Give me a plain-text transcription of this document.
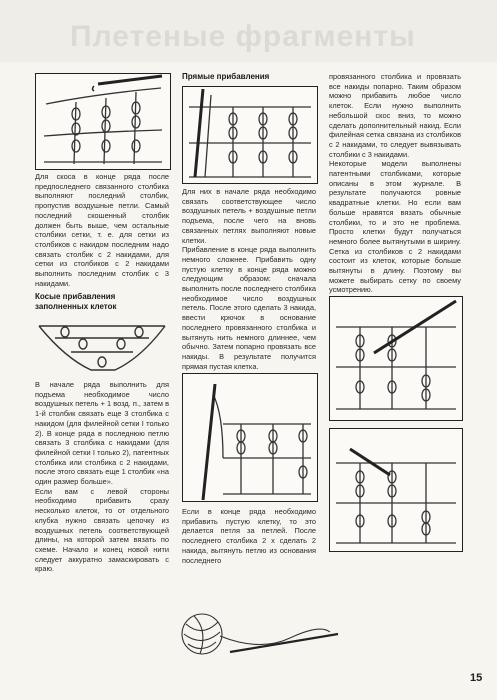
Плетеные фрагменты
Для скоса в конце ряда после предпоследнего связанного столбика выполняют последний столбик, пропустив воздушные петли. Самый последний скошенный столбик должен быть выше, чем остальные столбики сетки, т. е. для сетки из столбиков с накидом последним надо связать столбик с 2 накидами, для сетки из столбиков с 2 накидами выполнить последним столбик с 3 накидами.
Косые прибавления
заполненных клеток
В начале ряда выполнить для подъема необходимое число воздушных петель + 1 возд. п., затем в 1-й столбик связать еще 3 столбика с накидом (для филейной сетки I только 2). В конце ряда в последнюю петлю связать 3 столбика с накидами (для филейной сетки I только 2), патентных столбика или столбика с 2 накидами, после этого связать еще 1 столбик «на один размер больше».
Если вам с левой стороны необходимо прибавить сразу несколько клеток, то от отдельного клубка нужно связать цепочку из воздушных петель соответствующей длины, на которой затем вязать по схеме. Начало и конец новой нити следует аккуратно замаскировать с краю.
Прямые прибавления
Для них в начале ряда необходимо связать соответствующее число воздушных петель + воздушные петли подъема, после чего на вновь связанных петлях выполняют новые клетки.
Прибавление в конце ряда выполнить немного сложнее. Прибавить одну пустую клетку в конце ряда можно следующим образом: сначала выполнить после последнего столбика необходимое число воздушных петель. После этого сделать 3 накида, ввести крючок в основание последнего провязанного столбика и вытянуть нить немного длиннее, чем обычно. Затем попарно провязать все накиды. В результате получится прямая пустая клетка.
Если в конце ряда необходимо прибавить пустую клетку, то это делается петля за петлей. После последнего столбика 2 х сделать 2 накида, вытянуть петлю из основания последнего
провязанного столбика и провязать все накиды попарно. Таким образом можно прибавить любое число клеток. Если нужно выполнить небольшой скос вниз, то можно сделать дополнительный накид. Если филейная сетка связана из столбиков с 2 накидами, то следует вывязывать столбики с 3 накидами.
Некоторые модели выполнены патентными столбиками, которые описаны в этом журнале. В результате получаются ровные квадратные клетки. Но если вам больше нравятся вязать обычные столбики, то и это не проблема. Просто клетки будут получаться немного более вытянутыми в ширину. Сетка из столбиков с 2 накидами состоит из клеток, которые больше вытянуты в длину. Поэтому вы можете выбирать сетку по своему усмотрению.
15
